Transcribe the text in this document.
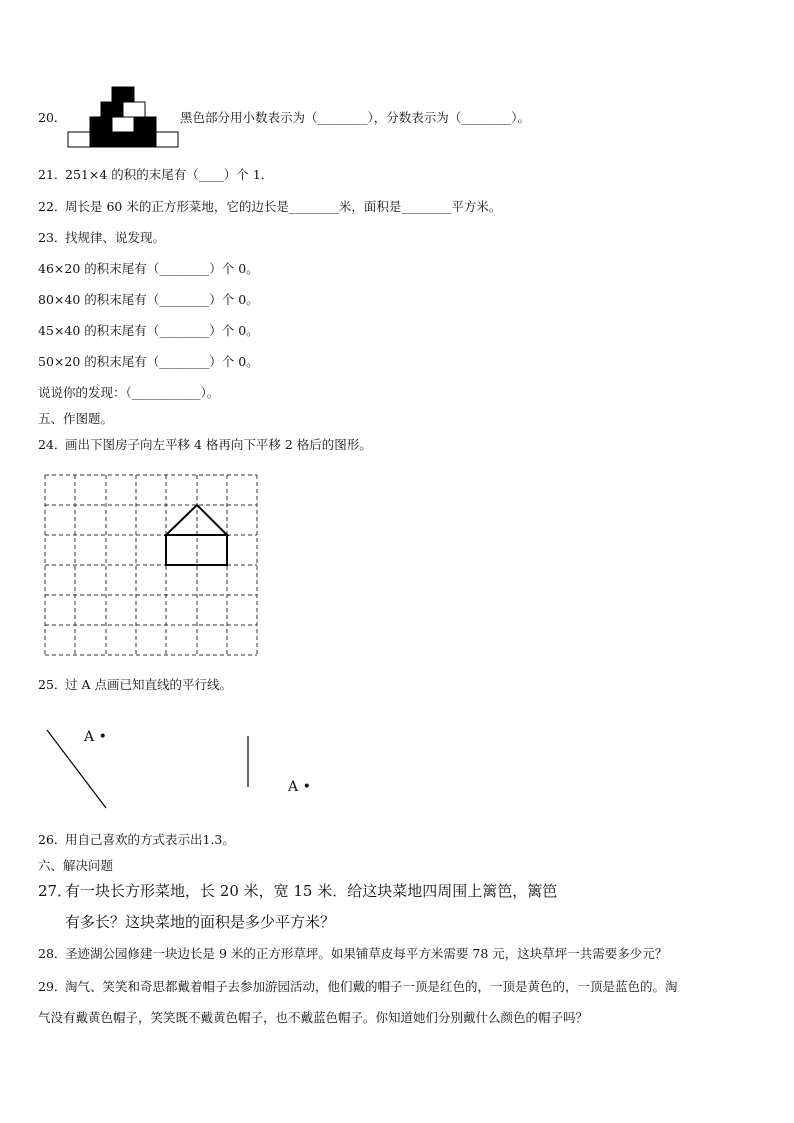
20．	黑色部分用小数表示为（________），分数表示为（________）。
21．
251×4 的积的末尾有（____）个 1．
22．
周长是 60 米的正方形菜地，它的边长是________米，面积是________平方米。
23．
找规律、说发现。
46×20 的积末尾有（________）个 0。
80×40 的积末尾有（________）个 0。
45×40 的积末尾有（________）个 0。
50×20 的积末尾有（________）个 0。
说说你的发现：（___________）。
五、作图题。
24．
画出下图房子向左平移 4 格再向下平移 2 格后的图形。
25．
过 A 点画已知直线的平行线。
A •
A •
26．
用自己喜欢的方式表示出1.3。
六、解决问题
27．
有一块长方形菜地，长 20 米，宽 15 米．给这块菜地四周围上篱笆，篱笆
有多长？这块菜地的面积是多少平方米？
28．
圣迹湖公园修建一块边长是 9 米的正方形草坪。如果铺草皮每平方米需要 78 元，这块草坪一共需要多少元？
29．
淘气、笑笑和奇思都戴着帽子去参加游园活动，他们戴的帽子一顶是红色的，一顶是黄色的，一顶是蓝色的。淘
气没有戴黄色帽子，笑笑既不戴黄色帽子，也不戴蓝色帽子。你知道她们分别戴什么颜色的帽子吗？
